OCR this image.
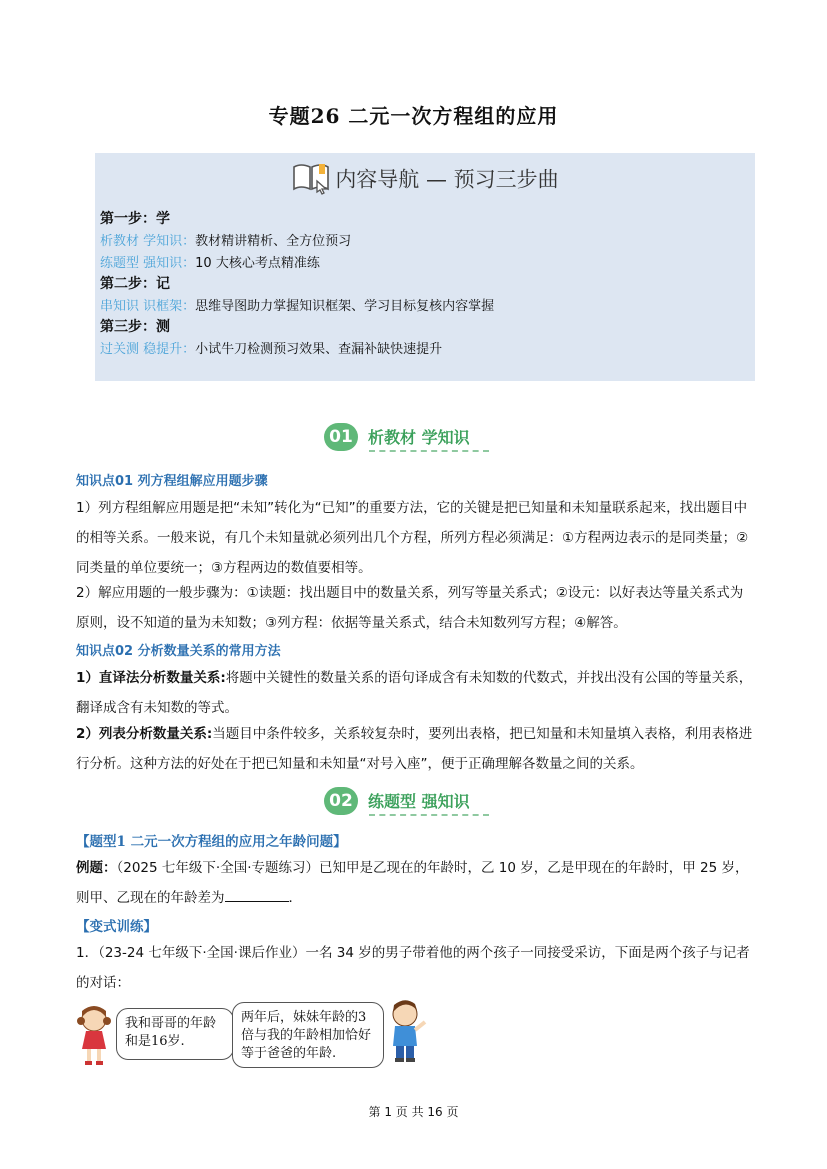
专题26 二元一次方程组的应用
内容导航 — 预习三步曲
第一步：学
析教材 学知识：教材精讲精析、全方位预习
练题型 强知识：10 大核心考点精准练
第二步：记
串知识 识框架：思维导图助力掌握知识框架、学习目标复核内容掌握
第三步：测
过关测 稳提升：小试牛刀检测预习效果、查漏补缺快速提升
01 析教材 学知识
知识点01 列方程组解应用题步骤
1）列方程组解应用题是把“未知”转化为“已知”的重要方法，它的关键是把已知量和未知量联系起来，找出题目中的相等关系。一般来说，有几个未知量就必须列出几个方程，所列方程必须满足：①方程两边表示的是同类量；②同类量的单位要统一；③方程两边的数值要相等。
2）解应用题的一般步骤为：①读题：找出题目中的数量关系，列写等量关系式；②设元：以好表达等量关系式为原则，设不知道的量为未知数；③列方程：依据等量关系式，结合未知数列写方程；④解答。
知识点02 分析数量关系的常用方法
1）直译法分析数量关系:将题中关键性的数量关系的语句译成含有未知数的代数式，并找出没有公国的等量关系，翻译成含有未知数的等式。
2）列表分析数量关系:当题目中条件较多，关系较复杂时，要列出表格，把已知量和未知量填入表格，利用表格进行分析。这种方法的好处在于把已知量和未知量“对号入座”，便于正确理解各数量之间的关系。
02 练题型 强知识
【题型1 二元一次方程组的应用之年龄问题】
例题：（2025 七年级下·全国·专题练习）已知甲是乙现在的年龄时，乙 10 岁，乙是甲现在的年龄时，甲 25 岁，则甲、乙现在的年龄差为	．
【变式训练】
1．（23-24 七年级下·全国·课后作业）一名 34 岁的男子带着他的两个孩子一同接受采访，下面是两个孩子与记者的对话：
我和哥哥的年龄和是16岁.
两年后，妹妹年龄的3倍与我的年龄相加恰好等于爸爸的年龄.
第 1 页 共 16 页
